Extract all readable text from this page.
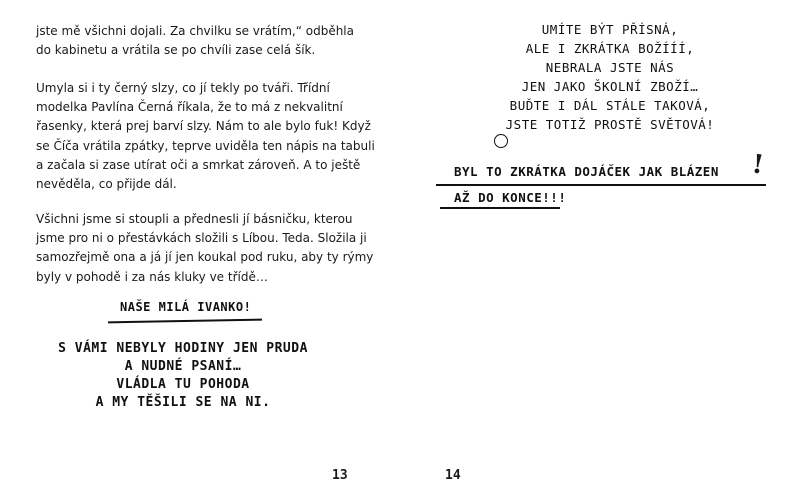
jste mě všichni dojali. Za chvilku se vrátím,“ odběhla
do kabinetu a vrátila se po chvíli zase celá šík.

Umyla si i ty černý slzy, co jí tekly po tváři. Třídní
modelka Pavlína Černá říkala, že to má z nekvalitní
řasenky, která prej barví slzy. Nám to ale bylo fuk! Když
se Číča vrátila zpátky, teprve uviděla ten nápis na tabuli
a začala si zase utírat oči a smrkat zároveň. A to ještě
nevěděla, co přijde dál.

Všichni jsme si stoupli a přednesli jí básničku, kterou
jsme pro ni o přestávkách složili s Líbou. Teda. Složila ji
samozřejmě ona a já jí jen koukal pod ruku, aby ty rýmy
byly v pohodě i za nás kluky ve třídě…

NAŠE MILÁ IVANKO!
S VÁMI NEBYLY HODINY JEN PRUDA
A NUDNÉ PSANÍ…
VLÁDLA TU POHODA
A MY TĚŠILI SE NA NI.
13
UMÍTE BÝT PŘÍSNÁ,
ALE I ZKRÁTKA BOŽÍÍÍ,
NEBRALA JSTE NÁS
JEN JAKO ŠKOLNÍ ZBOŽÍ…
BUĎTE I DÁL STÁLE TAKOVÁ,
JSTE TOTIŽ PROSTĚ SVĚTOVÁ!
BYL TO ZKRÁTKA DOJÁČEK JAK BLÁZEN !
AŽ DO KONCE!!!
14
